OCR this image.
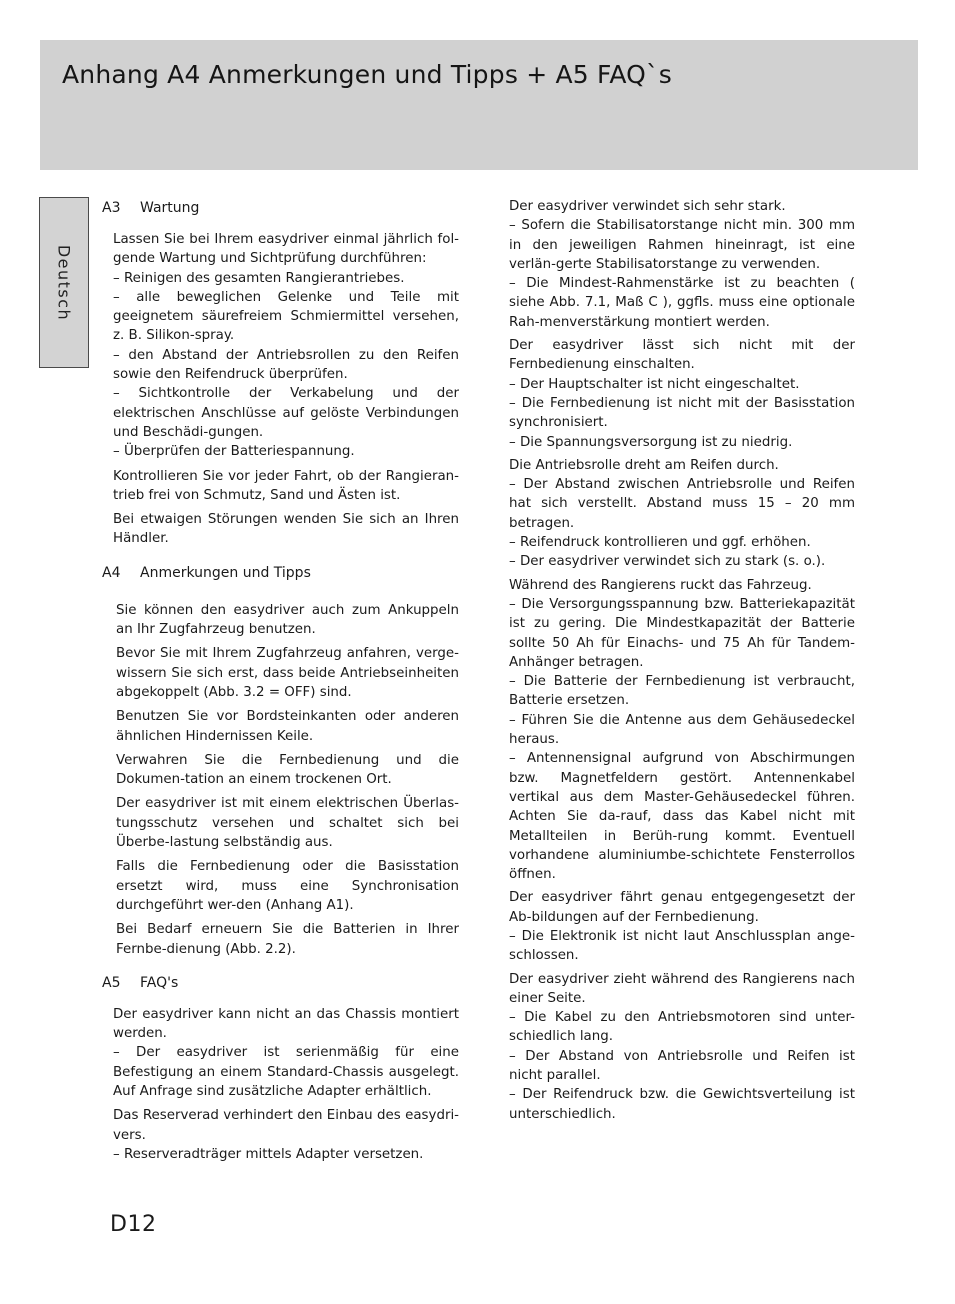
Anhang A4 Anmerkungen und Tipps + A5 FAQ`s
Deutsch
A3 Wartung

Lassen Sie bei Ihrem easydriver einmal jährlich fol-gende Wartung und Sichtprüfung durchführen:

– Reinigen des gesamten Rangierantriebes.

– alle beweglichen Gelenke und Teile mit geeignetem säurefreiem Schmiermittel versehen, z. B. Silikon-spray.

– den Abstand der Antriebsrollen zu den Reifen sowie den Reifendruck überprüfen.

– Sichtkontrolle der Verkabelung und der elektrischen Anschlüsse auf gelöste Verbindungen und Beschädi-gungen.

– Überprüfen der Batteriespannung.

Kontrollieren Sie vor jeder Fahrt, ob der Rangieran-trieb frei von Schmutz, Sand und Ästen ist.

Bei etwaigen Störungen wenden Sie sich an Ihren Händler.

A4 Anmerkungen und Tipps

Sie können den easydriver auch zum Ankuppeln an Ihr Zugfahrzeug benutzen.

Bevor Sie mit Ihrem Zugfahrzeug anfahren, verge-wissern Sie sich erst, dass beide Antriebseinheiten abgekoppelt (Abb. 3.2 = OFF) sind.

Benutzen Sie vor Bordsteinkanten oder anderen ähnlichen Hindernissen Keile.

Verwahren Sie die Fernbedienung und die Dokumen-tation an einem trockenen Ort.

Der easydriver ist mit einem elektrischen Überlas-tungsschutz versehen und schaltet sich bei Überbe-lastung selbständig aus.

Falls die Fernbedienung oder die Basisstation ersetzt wird, muss eine Synchronisation durchgeführt wer-den (Anhang A1).

Bei Bedarf erneuern Sie die Batterien in Ihrer Fernbe-dienung (Abb. 2.2).

A5 FAQ's

Der easydriver kann nicht an das Chassis montiert werden.

– Der easydriver ist serienmäßig für eine Befestigung an einem Standard-Chassis ausgelegt. Auf Anfrage sind zusätzliche Adapter erhältlich.

Das Reserverad verhindert den Einbau des easydri-vers.

– Reserveradträger mittels Adapter versetzen.

Der easydriver verwindet sich sehr stark.

– Sofern die Stabilisatorstange nicht min. 300 mm in den jeweiligen Rahmen hineinragt, ist eine verlän-gerte Stabilisatorstange zu verwenden.

– Die Mindest-Rahmenstärke ist zu beachten ( siehe Abb. 7.1, Maß C ), ggfls. muss eine optionale Rah-menverstärkung montiert werden.

Der easydriver lässt sich nicht mit der Fernbedienung einschalten.

– Der Hauptschalter ist nicht eingeschaltet.

– Die Fernbedienung ist nicht mit der Basisstation synchronisiert.

– Die Spannungsversorgung ist zu niedrig.

Die Antriebsrolle dreht am Reifen durch.

– Der Abstand zwischen Antriebsrolle und Reifen hat sich verstellt. Abstand muss 15 – 20 mm betragen.

– Reifendruck kontrollieren und ggf. erhöhen.

– Der easydriver verwindet sich zu stark (s. o.).

Während des Rangierens ruckt das Fahrzeug.

– Die Versorgungsspannung bzw. Batteriekapazität ist zu gering. Die Mindestkapazität der Batterie sollte 50 Ah für Einachs- und 75 Ah für Tandem-Anhänger betragen.

– Die Batterie der Fernbedienung ist verbraucht, Batterie ersetzen.

– Führen Sie die Antenne aus dem Gehäusedeckel heraus.

– Antennensignal aufgrund von Abschirmungen bzw. Magnetfeldern gestört. Antennenkabel vertikal aus dem Master-Gehäusedeckel führen. Achten Sie da-rauf, dass das Kabel nicht mit Metallteilen in Berüh-rung kommt. Eventuell vorhandene aluminiumbe-schichtete Fensterrollos öffnen.

Der easydriver fährt genau entgegengesetzt der Ab-bildungen auf der Fernbedienung.

– Die Elektronik ist nicht laut Anschlussplan ange-schlossen.

Der easydriver zieht während des Rangierens nach einer Seite.

– Die Kabel zu den Antriebsmotoren sind unter-schiedlich lang.

– Der Abstand von Antriebsrolle und Reifen ist nicht parallel.

– Der Reifendruck bzw. die Gewichtsverteilung ist unterschiedlich.

D12
